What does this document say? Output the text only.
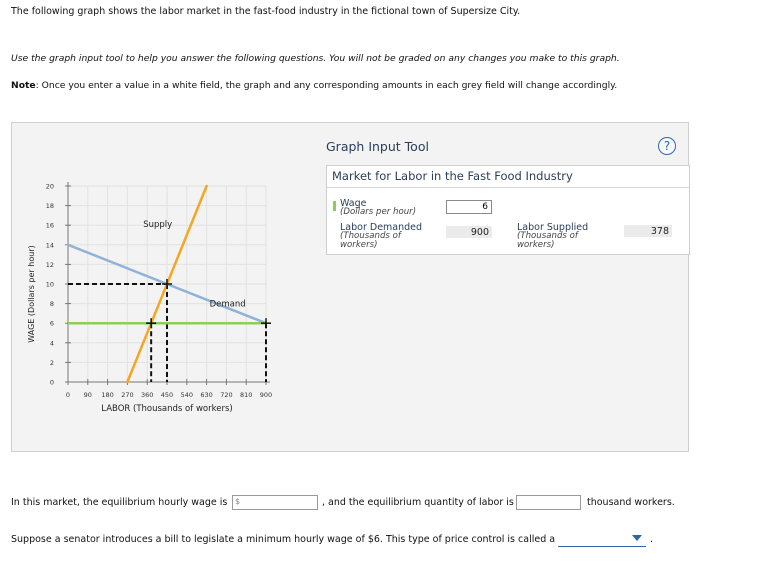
The following graph shows the labor market in the fast-food industry in the fictional town of Supersize City.
Use the graph input tool to help you answer the following questions. You will not be graded on any changes you make to this graph.
Note: Once you enter a value in a white field, the graph and any corresponding amounts in each grey field will change accordingly.
0 90 180 270 360 450 540 630 720 810 900
0
2
4
6
8
10
12
14
16
18
20
LABOR (Thousands of workers)
WAGE (Dollars per hour)
Supply
Demand
Graph Input Tool	?
Market for Labor in the Fast Food Industry
Wage
(Dollars per hour)
6
Labor Demanded
(Thousands of
workers)
900	Labor Supplied
(Thousands of
workers)
378
In this market, the equilibrium hourly wage is $	, and the equilibrium quantity of labor is	thousand workers.
Suppose a senator introduces a bill to legislate a minimum hourly wage of $6. This type of price control is called a	.
